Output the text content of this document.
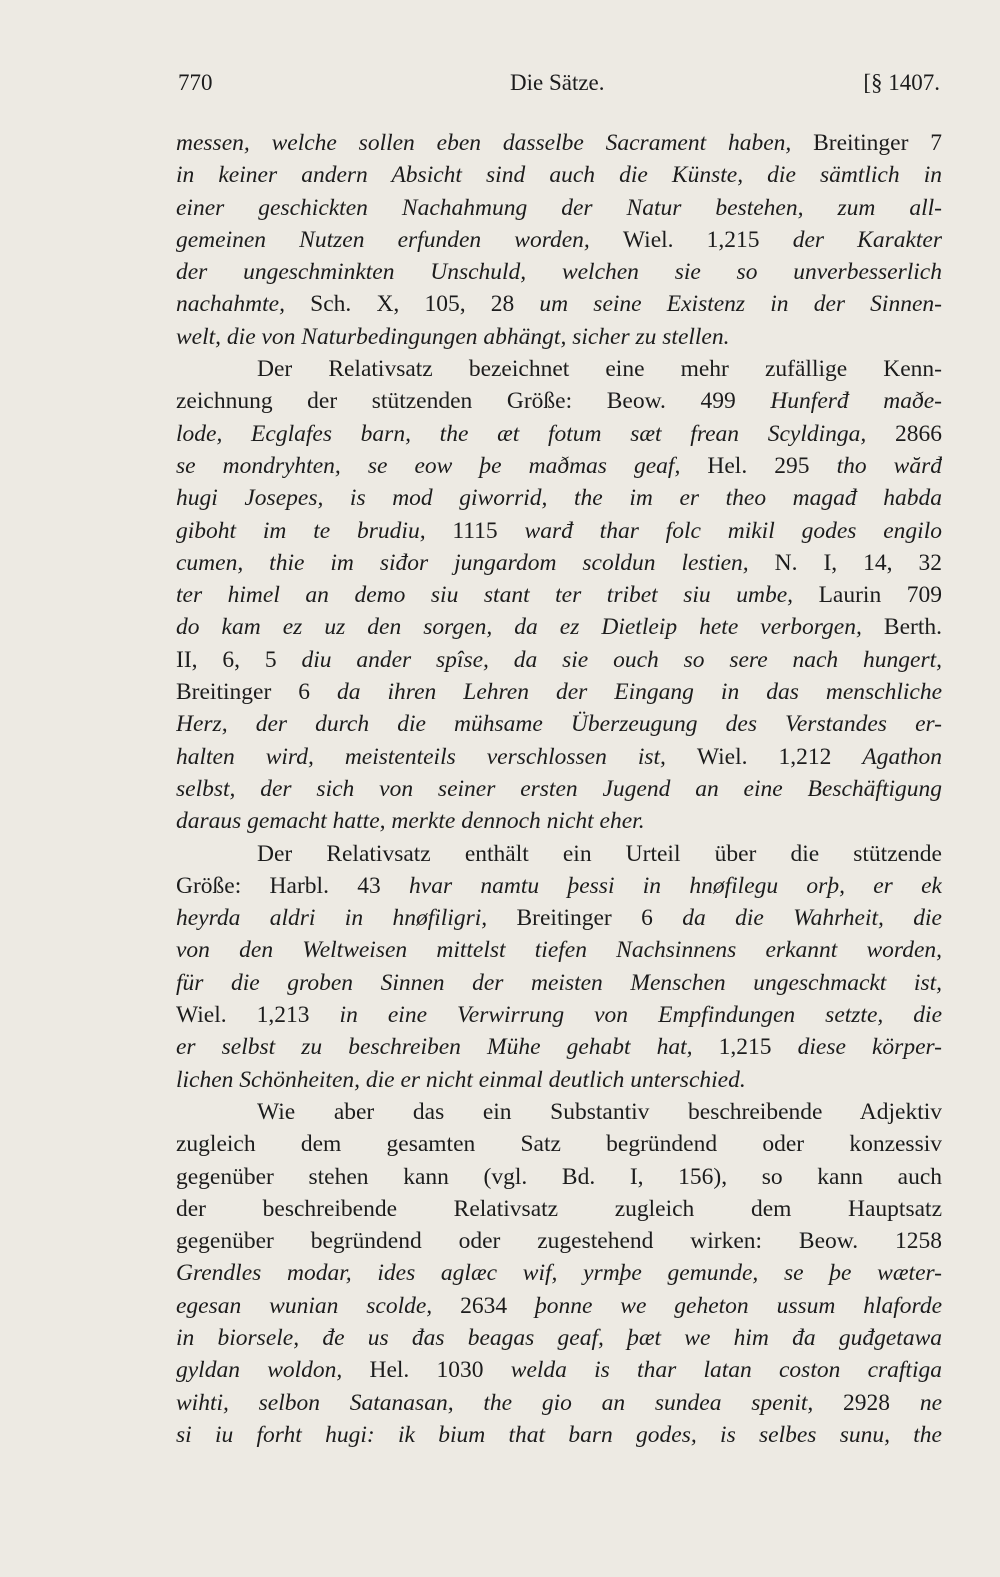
770	Die Sätze.	[§ 1407.
messen, welche sollen eben dasselbe Sacrament haben, Breitinger 7
in keiner andern Absicht sind auch die Künste, die sämtlich in
einer geschickten Nachahmung der Natur bestehen, zum all-
gemeinen Nutzen erfunden worden, Wiel. 1,215 der Karakter
der ungeschminkten Unschuld, welchen sie so unverbesserlich
nachahmte, Sch. X, 105, 28 um seine Existenz in der Sinnen-
welt, die von Naturbedingungen abhängt, sicher zu stellen.
Der Relativsatz bezeichnet eine mehr zufällige Kenn-
zeichnung der stützenden Größe: Beow. 499 Hunferđ maðe-
lode, Ecglafes barn, the æt fotum sæt frean Scyldinga, 2866
se mondryhten, se eow þe maðmas geaf, Hel. 295 tho wărđ
hugi Josepes, is mod giworrid, the im er theo magađ habda
giboht im te brudiu, 1115 warđ thar folc mikil godes engilo
cumen, thie im siđor jungardom scoldun lestien, N. I, 14, 32
ter himel an demo siu stant ter tribet siu umbe, Laurin 709
do kam ez uz den sorgen, da ez Dietleip hete verborgen, Berth.
II, 6, 5 diu ander spîse, da sie ouch so sere nach hungert,
Breitinger 6 da ihren Lehren der Eingang in das menschliche
Herz, der durch die mühsame Überzeugung des Verstandes er-
halten wird, meistenteils verschlossen ist, Wiel. 1,212 Agathon
selbst, der sich von seiner ersten Jugend an eine Beschäftigung
daraus gemacht hatte, merkte dennoch nicht eher.
Der Relativsatz enthält ein Urteil über die stützende
Größe: Harbl. 43 hvar namtu þessi in hnøfilegu orþ, er ek
heyrda aldri in hnøfiligri, Breitinger 6 da die Wahrheit, die
von den Weltweisen mittelst tiefen Nachsinnens erkannt worden,
für die groben Sinnen der meisten Menschen ungeschmackt ist,
Wiel. 1,213 in eine Verwirrung von Empfindungen setzte, die
er selbst zu beschreiben Mühe gehabt hat, 1,215 diese körper-
lichen Schönheiten, die er nicht einmal deutlich unterschied.
Wie aber das ein Substantiv beschreibende Adjektiv
zugleich dem gesamten Satz begründend oder konzessiv
gegenüber stehen kann (vgl. Bd. I, 156), so kann auch
der beschreibende Relativsatz zugleich dem Hauptsatz
gegenüber begründend oder zugestehend wirken: Beow. 1258
Grendles modar, ides aglæc wif, yrmþe gemunde, se þe wæter-
egesan wunian scolde, 2634 þonne we geheton ussum hlaforde
in biorsele, đe us đas beagas geaf, þæt we him đa guđgetawa
gyldan woldon, Hel. 1030 welda is thar latan coston craftiga
wihti, selbon Satanasan, the gio an sundea spenit, 2928 ne
si iu forht hugi: ik bium that barn godes, is selbes sunu, the
